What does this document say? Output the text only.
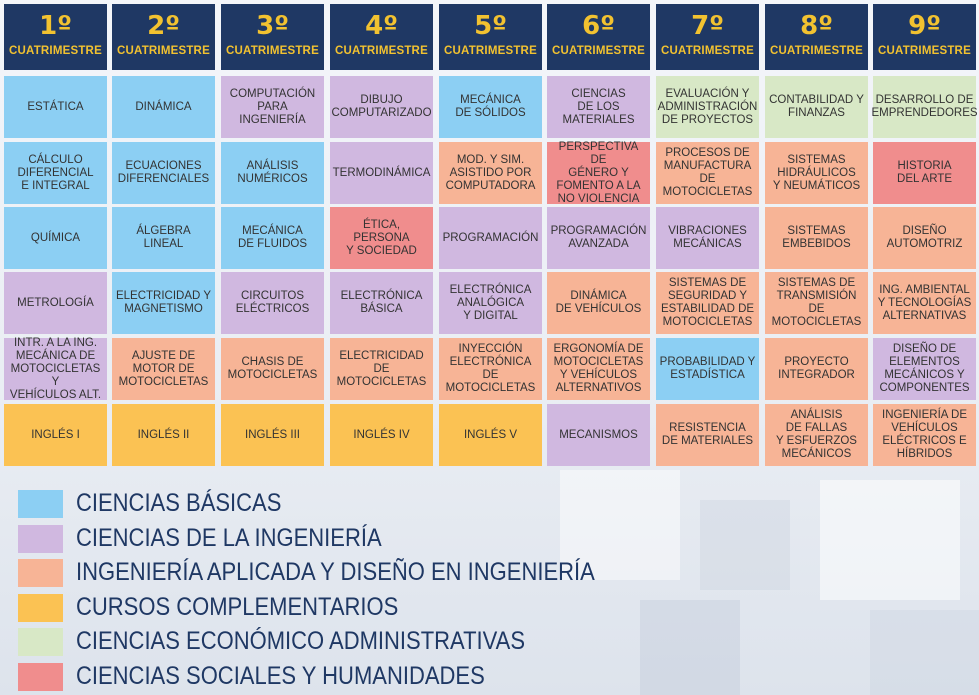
1º
CUATRIMESTRE
2º
CUATRIMESTRE
3º
CUATRIMESTRE
4º
CUATRIMESTRE
5º
CUATRIMESTRE
6º
CUATRIMESTRE
7º
CUATRIMESTRE
8º
CUATRIMESTRE
9º
CUATRIMESTRE
ESTÁTICA
CÁLCULO
DIFERENCIAL
E INTEGRAL
QUÍMICA
METROLOGÍA
INTR. A LA ING.
MECÁNICA DE
MOTOCICLETAS Y
VEHÍCULOS ALT.
INGLÉS I
DINÁMICA
ECUACIONES
DIFERENCIALES
ÁLGEBRA
LINEAL
ELECTRICIDAD Y
MAGNETISMO
AJUSTE DE
MOTOR DE
MOTOCICLETAS
INGLÉS II
COMPUTACIÓN
PARA
INGENIERÍA
ANÁLISIS
NUMÉRICOS
MECÁNICA
DE FLUIDOS
CIRCUITOS
ELÉCTRICOS
CHASIS DE
MOTOCICLETAS
INGLÉS III
DIBUJO
COMPUTARIZADO
TERMODINÁMICA
ÉTICA,
PERSONA
Y SOCIEDAD
ELECTRÓNICA
BÁSICA
ELECTRICIDAD
DE
MOTOCICLETAS
INGLÉS IV
MECÁNICA
DE SÓLIDOS
MOD. Y SIM.
ASISTIDO POR
COMPUTADORA
PROGRAMACIÓN
ELECTRÓNICA
ANALÓGICA
Y DIGITAL
INYECCIÓN
ELECTRÓNICA DE
MOTOCICLETAS
INGLÉS V
CIENCIAS
DE LOS
MATERIALES
PERSPECTIVA DE
GÉNERO Y
FOMENTO A LA
NO VIOLENCIA
PROGRAMACIÓN
AVANZADA
DINÁMICA
DE VEHÍCULOS
ERGONOMÍA DE
MOTOCICLETAS
Y VEHÍCULOS
ALTERNATIVOS
MECANISMOS
EVALUACIÓN Y
ADMINISTRACIÓN
DE PROYECTOS
PROCESOS DE
MANUFACTURA DE
MOTOCICLETAS
VIBRACIONES
MECÁNICAS
SISTEMAS DE
SEGURIDAD Y
ESTABILIDAD DE
MOTOCICLETAS
PROBABILIDAD Y
ESTADÍSTICA
RESISTENCIA
DE MATERIALES
CONTABILIDAD Y
FINANZAS
SISTEMAS
HIDRÁULICOS
Y NEUMÁTICOS
SISTEMAS
EMBEBIDOS
SISTEMAS DE
TRANSMISIÓN DE
MOTOCICLETAS
PROYECTO
INTEGRADOR
ANÁLISIS
DE FALLAS
Y ESFUERZOS
MECÁNICOS
DESARROLLO DE
EMPRENDEDORES
HISTORIA
DEL ARTE
DISEÑO
AUTOMOTRIZ
ING. AMBIENTAL
Y TECNOLOGÍAS
ALTERNATIVAS
DISEÑO DE
ELEMENTOS
MECÁNICOS Y
COMPONENTES
INGENIERÍA DE
VEHÍCULOS
ELÉCTRICOS E
HÍBRIDOS
CIENCIAS BÁSICAS
CIENCIAS DE LA INGENIERÍA
INGENIERÍA APLICADA Y DISEÑO EN INGENIERÍA
CURSOS COMPLEMENTARIOS
CIENCIAS ECONÓMICO ADMINISTRATIVAS
CIENCIAS SOCIALES Y HUMANIDADES
